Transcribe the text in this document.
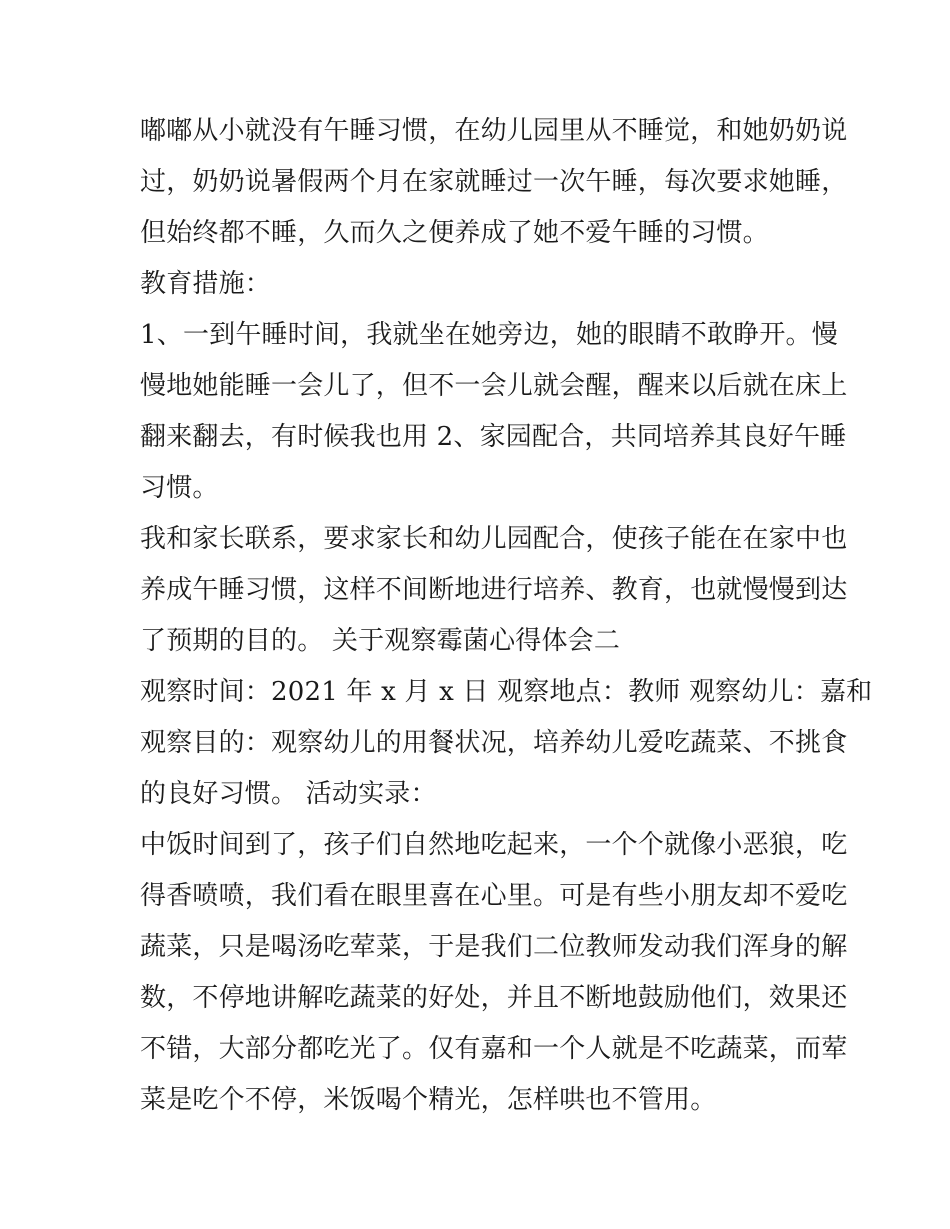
嘟嘟从小就没有午睡习惯，在幼儿园里从不睡觉，和她奶奶说
过，奶奶说暑假两个月在家就睡过一次午睡，每次要求她睡，
但始终都不睡，久而久之便养成了她不爱午睡的习惯。
教育措施：
1、一到午睡时间，我就坐在她旁边，她的眼睛不敢睁开。慢
慢地她能睡一会儿了，但不一会儿就会醒，醒来以后就在床上
翻来翻去，有时候我也用 2、家园配合，共同培养其良好午睡
习惯。
我和家长联系，要求家长和幼儿园配合，使孩子能在在家中也
养成午睡习惯，这样不间断地进行培养、教育，也就慢慢到达
了预期的目的。 关于观察霉菌心得体会二
观察时间：2021 年 x 月 x 日 观察地点：教师 观察幼儿：嘉和
观察目的：观察幼儿的用餐状况，培养幼儿爱吃蔬菜、不挑食
的良好习惯。 活动实录：
中饭时间到了，孩子们自然地吃起来，一个个就像小恶狼，吃
得香喷喷，我们看在眼里喜在心里。可是有些小朋友却不爱吃
蔬菜，只是喝汤吃荤菜，于是我们二位教师发动我们浑身的解
数，不停地讲解吃蔬菜的好处，并且不断地鼓励他们，效果还
不错，大部分都吃光了。仅有嘉和一个人就是不吃蔬菜，而荤
菜是吃个不停，米饭喝个精光，怎样哄也不管用。
